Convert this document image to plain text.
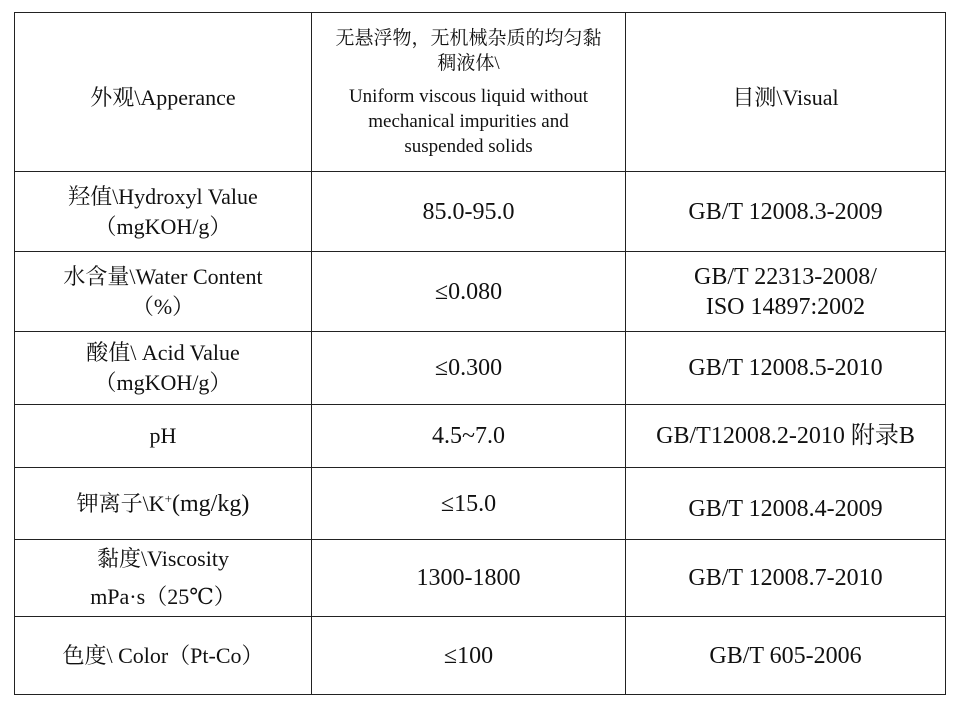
外观\Apperance	无悬浮物，无机械杂质的均匀黏
稠液体\
Uniform viscous liquid without
mechanical impurities and
suspended solids	目测\Visual

羟值\Hydroxyl Value
（mgKOH/g）	85.0-95.0	GB/T 12008.3-2009

水含量\Water Content
（%）	≤0.080	GB/T 22313-2008/
ISO 14897:2002

酸值\ Acid Value
（mgKOH/g）	≤0.300	GB/T 12008.5-2010

pH	4.5~7.0	GB/T12008.2-2010 附录B

钾离子\K+(mg/kg)	≤15.0	GB/T 12008.4-2009

黏度\Viscosity
mPa·s（25℃）	1300-1800	GB/T 12008.7-2010

色度\ Color（Pt-Co）	≤100	GB/T 605-2006
